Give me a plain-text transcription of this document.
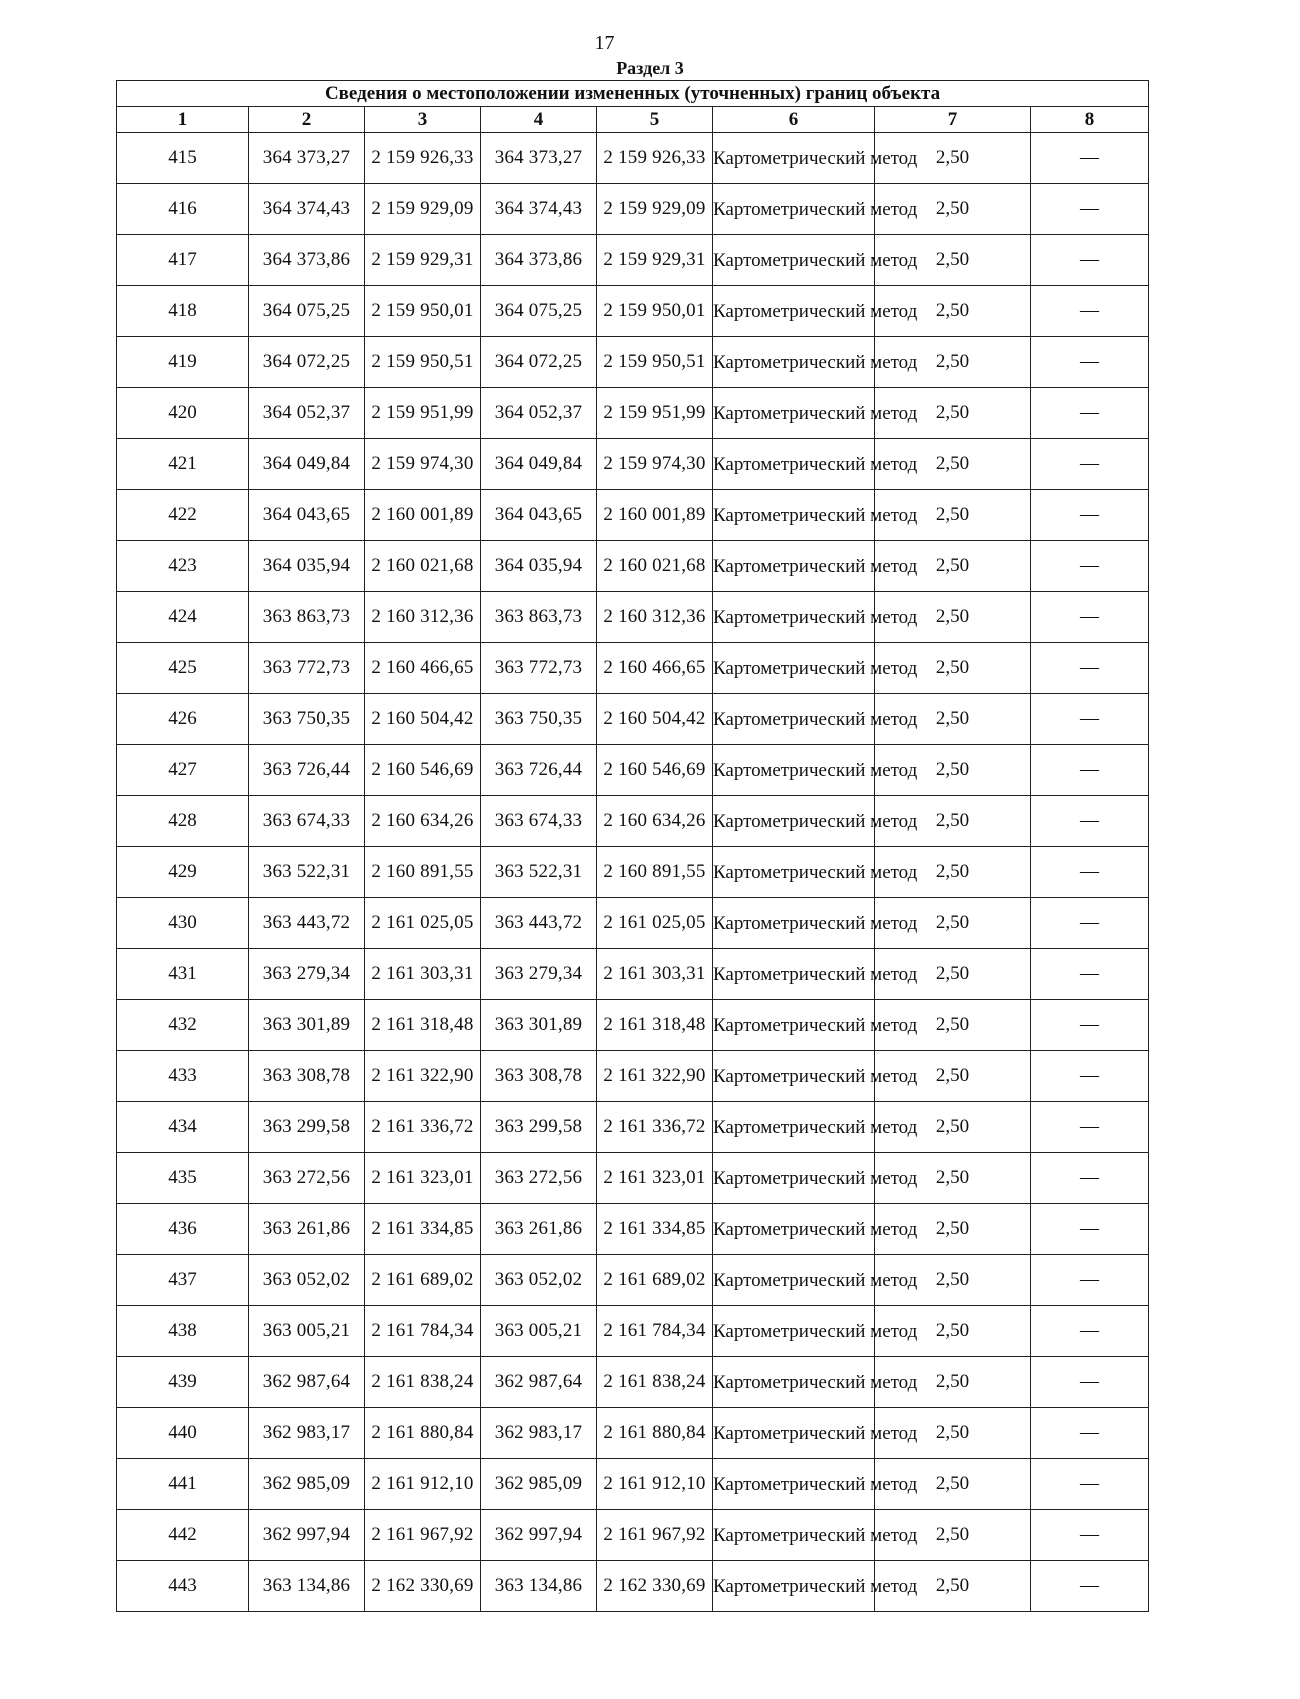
17
Раздел 3
Сведения о местоположении измененных (уточненных) границ объекта							
1	2	3	4	5	6	7	8
415	364 373,27	2 159 926,33	364 373,27	2 159 926,33	Картометрический метод	2,50	—
416	364 374,43	2 159 929,09	364 374,43	2 159 929,09	Картометрический метод	2,50	—
417	364 373,86	2 159 929,31	364 373,86	2 159 929,31	Картометрический метод	2,50	—
418	364 075,25	2 159 950,01	364 075,25	2 159 950,01	Картометрический метод	2,50	—
419	364 072,25	2 159 950,51	364 072,25	2 159 950,51	Картометрический метод	2,50	—
420	364 052,37	2 159 951,99	364 052,37	2 159 951,99	Картометрический метод	2,50	—
421	364 049,84	2 159 974,30	364 049,84	2 159 974,30	Картометрический метод	2,50	—
422	364 043,65	2 160 001,89	364 043,65	2 160 001,89	Картометрический метод	2,50	—
423	364 035,94	2 160 021,68	364 035,94	2 160 021,68	Картометрический метод	2,50	—
424	363 863,73	2 160 312,36	363 863,73	2 160 312,36	Картометрический метод	2,50	—
425	363 772,73	2 160 466,65	363 772,73	2 160 466,65	Картометрический метод	2,50	—
426	363 750,35	2 160 504,42	363 750,35	2 160 504,42	Картометрический метод	2,50	—
427	363 726,44	2 160 546,69	363 726,44	2 160 546,69	Картометрический метод	2,50	—
428	363 674,33	2 160 634,26	363 674,33	2 160 634,26	Картометрический метод	2,50	—
429	363 522,31	2 160 891,55	363 522,31	2 160 891,55	Картометрический метод	2,50	—
430	363 443,72	2 161 025,05	363 443,72	2 161 025,05	Картометрический метод	2,50	—
431	363 279,34	2 161 303,31	363 279,34	2 161 303,31	Картометрический метод	2,50	—
432	363 301,89	2 161 318,48	363 301,89	2 161 318,48	Картометрический метод	2,50	—
433	363 308,78	2 161 322,90	363 308,78	2 161 322,90	Картометрический метод	2,50	—
434	363 299,58	2 161 336,72	363 299,58	2 161 336,72	Картометрический метод	2,50	—
435	363 272,56	2 161 323,01	363 272,56	2 161 323,01	Картометрический метод	2,50	—
436	363 261,86	2 161 334,85	363 261,86	2 161 334,85	Картометрический метод	2,50	—
437	363 052,02	2 161 689,02	363 052,02	2 161 689,02	Картометрический метод	2,50	—
438	363 005,21	2 161 784,34	363 005,21	2 161 784,34	Картометрический метод	2,50	—
439	362 987,64	2 161 838,24	362 987,64	2 161 838,24	Картометрический метод	2,50	—
440	362 983,17	2 161 880,84	362 983,17	2 161 880,84	Картометрический метод	2,50	—
441	362 985,09	2 161 912,10	362 985,09	2 161 912,10	Картометрический метод	2,50	—
442	362 997,94	2 161 967,92	362 997,94	2 161 967,92	Картометрический метод	2,50	—
443	363 134,86	2 162 330,69	363 134,86	2 162 330,69	Картометрический метод	2,50	—
